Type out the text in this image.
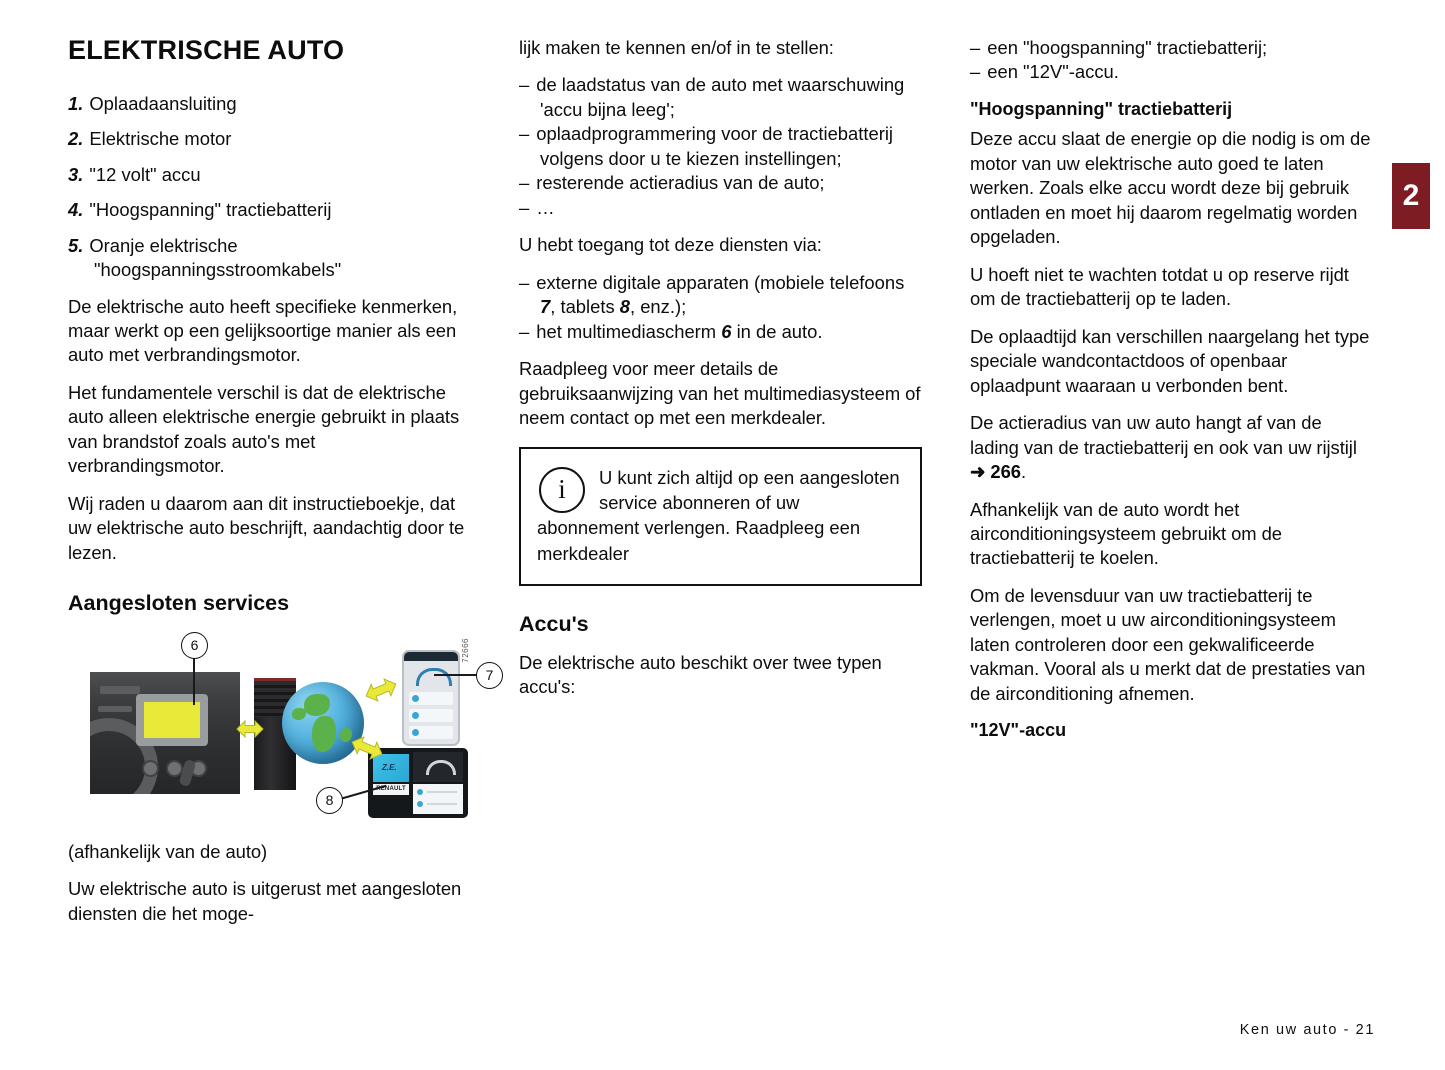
2
ELEKTRISCHE AUTO
1. Oplaadaansluiting
2. Elektrische motor
3. "12 volt" accu
4. "Hoogspanning" tractiebatterij
5. Oranje elektrische "hoogspanningsstroomkabels"

De elektrische auto heeft specifieke kenmerken, maar werkt op een gelijksoortige manier als een auto met verbrandingsmotor.

Het fundamentele verschil is dat de elektrische auto alleen elektrische energie gebruikt in plaats van brandstof zoals auto's met verbrandingsmotor.

Wij raden u daarom aan dit instructieboekje, dat uw elektrische auto beschrijft, aandachtig door te lezen.

Aangesloten services
72666
6
7
Z.E.
RENAULT
8

(afhankelijk van de auto)

Uw elektrische auto is uitgerust met aangesloten diensten die het moge-

lijk maken te kennen en/of in te stellen:

– de laadstatus van de auto met waarschuwing 'accu bijna leeg';
– oplaadprogrammering voor de tractiebatterij volgens door u te kiezen instellingen;
– resterende actieradius van de auto;
– …

U hebt toegang tot deze diensten via:

– externe digitale apparaten (mobiele telefoons 7, tablets 8, enz.);
– het multimediascherm 6 in de auto.

Raadpleeg voor meer details de gebruiksaanwijzing van het multimediasysteem of neem contact op met een merkdealer.

i	U kunt zich altijd op een aangesloten service abonneren of uw abonnement verlengen. Raadpleeg een merkdealer

Accu's

De elektrische auto beschikt over twee typen accu's:

– een "hoogspanning" tractiebatterij;
– een "12V"-accu.
"Hoogspanning" tractiebatterij

Deze accu slaat de energie op die nodig is om de motor van uw elektrische auto goed te laten werken. Zoals elke accu wordt deze bij gebruik ontladen en moet hij daarom regelmatig worden opgeladen.

U hoeft niet te wachten totdat u op reserve rijdt om de tractiebatterij op te laden.

De oplaadtijd kan verschillen naargelang het type speciale wandcontactdoos of openbaar oplaadpunt waaraan u verbonden bent.

De actieradius van uw auto hangt af van de lading van de tractiebatterij en ook van uw rijstijl ➜ 266.

Afhankelijk van de auto wordt het airconditioningsysteem gebruikt om de tractiebatterij te koelen.

Om de levensduur van uw tractiebatterij te verlengen, moet u uw airconditioningsysteem laten controleren door een gekwalificeerde vakman. Vooral als u merkt dat de prestaties van de airconditioning afnemen.

"12V"-accu
Ken uw auto - 21
